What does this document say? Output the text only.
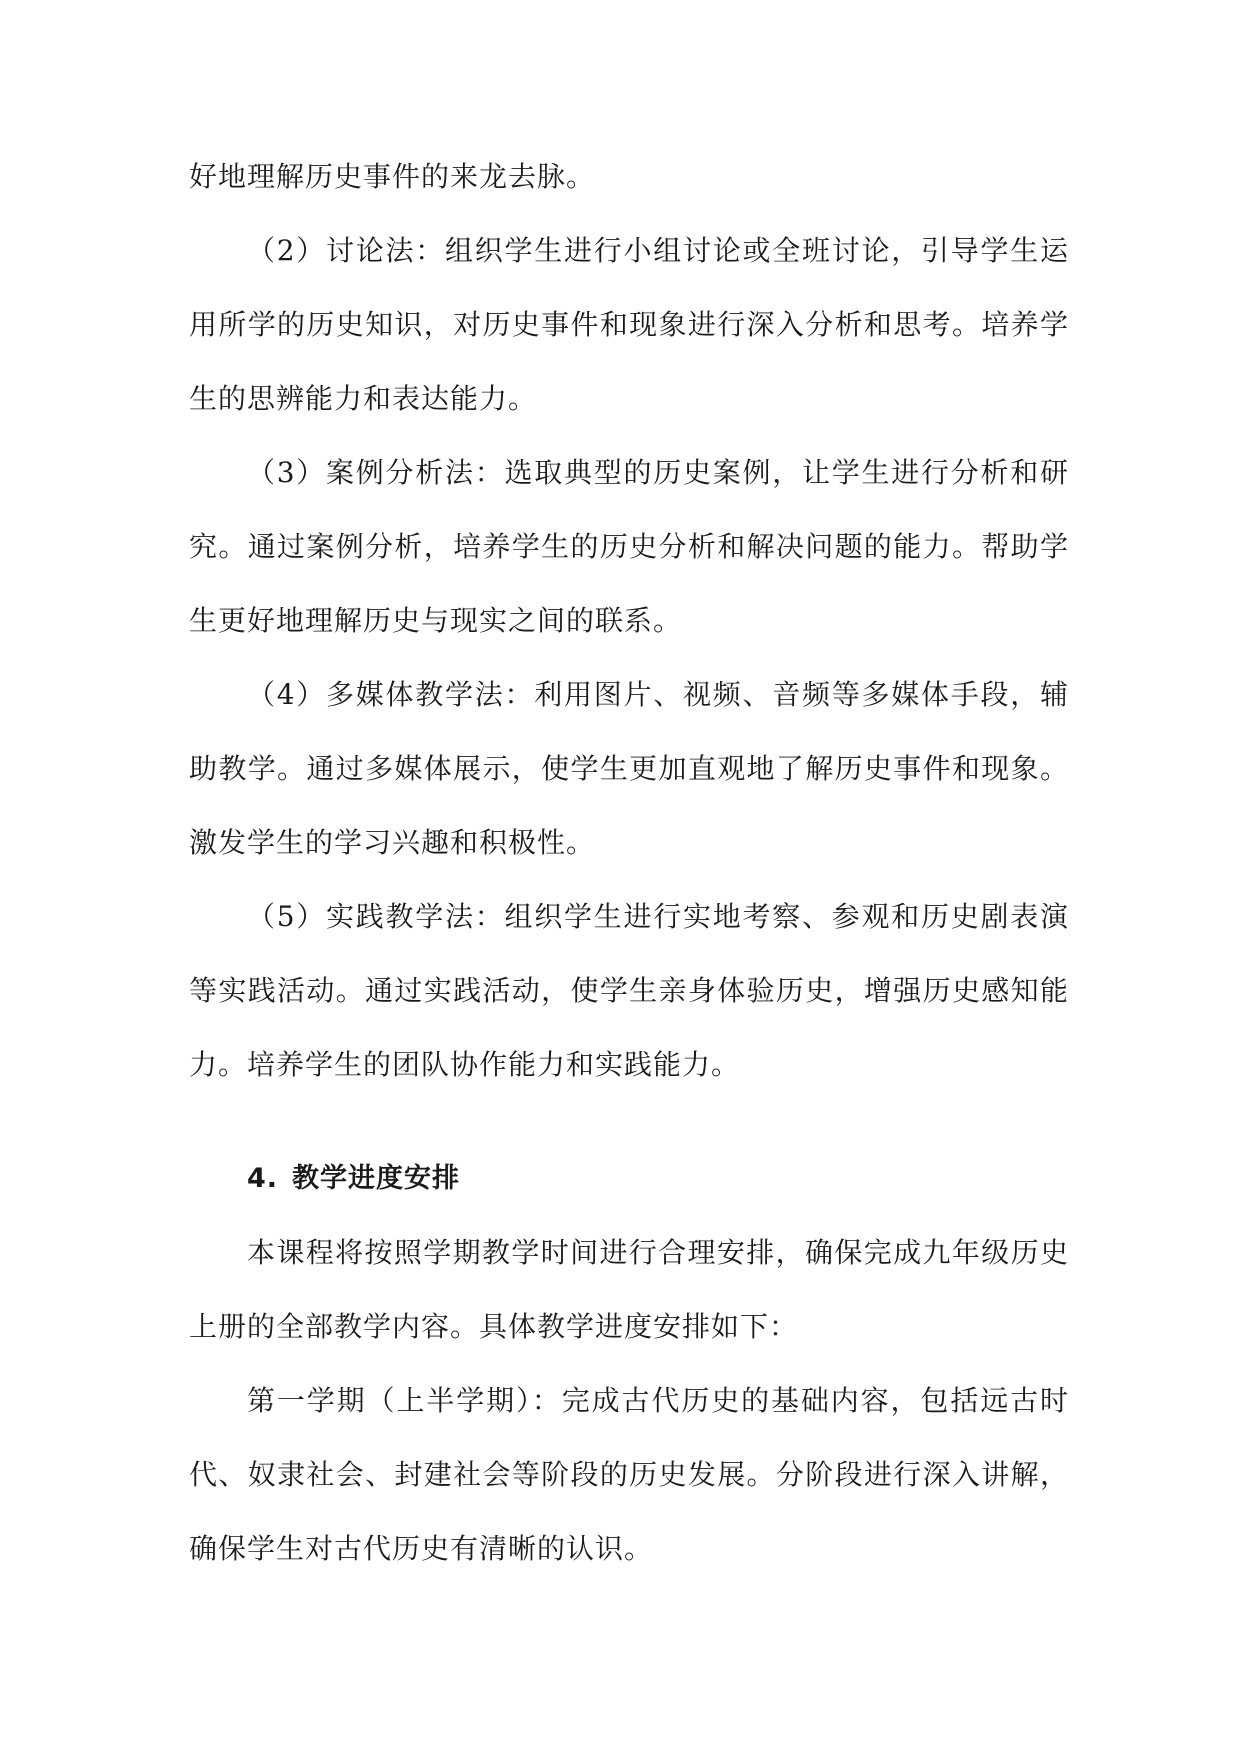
好地理解历史事件的来龙去脉。

（2）讨论法：组织学生进行小组讨论或全班讨论，引导学生运用所学的历史知识，对历史事件和现象进行深入分析和思考。培养学生的思辨能力和表达能力。

（3）案例分析法：选取典型的历史案例，让学生进行分析和研究。通过案例分析，培养学生的历史分析和解决问题的能力。帮助学生更好地理解历史与现实之间的联系。

（4）多媒体教学法：利用图片、视频、音频等多媒体手段，辅助教学。通过多媒体展示，使学生更加直观地了解历史事件和现象。激发学生的学习兴趣和积极性。

（5）实践教学法：组织学生进行实地考察、参观和历史剧表演等实践活动。通过实践活动，使学生亲身体验历史，增强历史感知能力。培养学生的团队协作能力和实践能力。

4. 教学进度安排

本课程将按照学期教学时间进行合理安排，确保完成九年级历史上册的全部教学内容。具体教学进度安排如下：

第一学期（上半学期）：完成古代历史的基础内容，包括远古时代、奴隶社会、封建社会等阶段的历史发展。分阶段进行深入讲解，确保学生对古代历史有清晰的认识。
